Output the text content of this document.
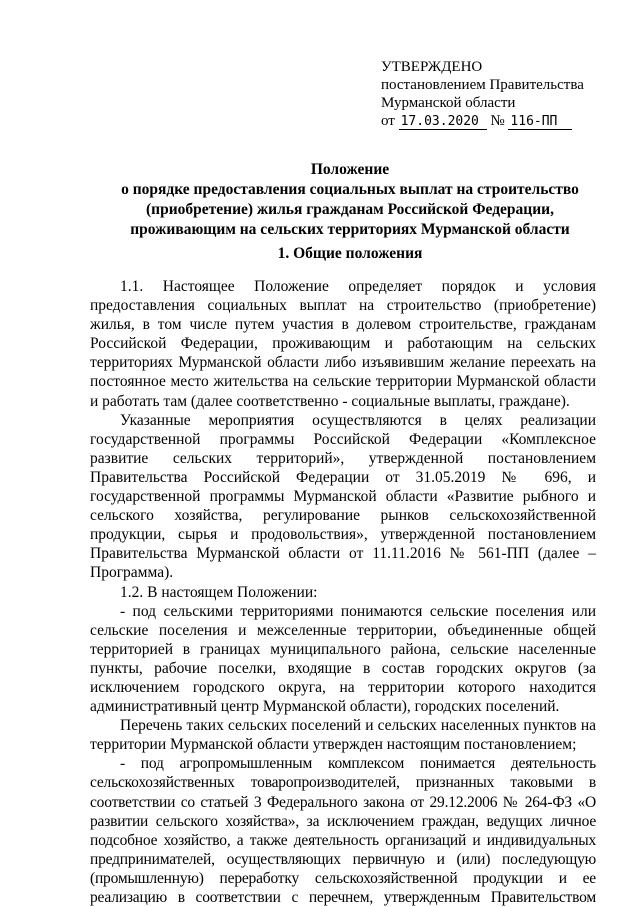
УТВЕРЖДЕНО
постановлением Правительства
Мурманской области
от 17.03.2020 № 116-ПП
Положение
о порядке предоставления социальных выплат на строительство
(приобретение) жилья гражданам Российской Федерации,
проживающим на сельских территориях Мурманской области
1. Общие положения

1.1. Настоящее Положение определяет порядок и условия предоставления социальных выплат на строительство (приобретение) жилья, в том числе путем участия в долевом строительстве, гражданам Российской Федерации, проживающим и работающим на сельских территориях Мурманской области либо изъявившим желание переехать на постоянное место жительства на сельские территории Мурманской области и работать там (далее соответственно - социальные выплаты, граждане).

Указанные мероприятия осуществляются в целях реализации государственной программы Российской Федерации «Комплексное развитие сельских территорий», утвержденной постановлением Правительства Российской Федерации от 31.05.2019 № 696, и государственной программы Мурманской области «Развитие рыбного и сельского хозяйства, регулирование рынков сельскохозяйственной продукции, сырья и продовольствия», утвержденной постановлением Правительства Мурманской области от 11.11.2016 № 561-ПП (далее – Программа).

1.2. В настоящем Положении:

- под сельскими территориями понимаются сельские поселения или сельские поселения и межселенные территории, объединенные общей территорией в границах муниципального района, сельские населенные пункты, рабочие поселки, входящие в состав городских округов (за исключением городского округа, на территории которого находится административный центр Мурманской области), городских поселений.

Перечень таких сельских поселений и сельских населенных пунктов на территории Мурманской области утвержден настоящим постановлением;

- под агропромышленным комплексом понимается деятельность сельскохозяйственных товаропроизводителей, признанных таковыми в соответствии со статьей 3 Федерального закона от 29.12.2006 № 264-ФЗ «О развитии сельского хозяйства», за исключением граждан, ведущих личное подсобное хозяйство, а также деятельность организаций и индивидуальных предпринимателей, осуществляющих первичную и (или) последующую (промышленную) переработку сельскохозяйственной продукции и ее реализацию в соответствии с перечнем, утвержденным Правительством
